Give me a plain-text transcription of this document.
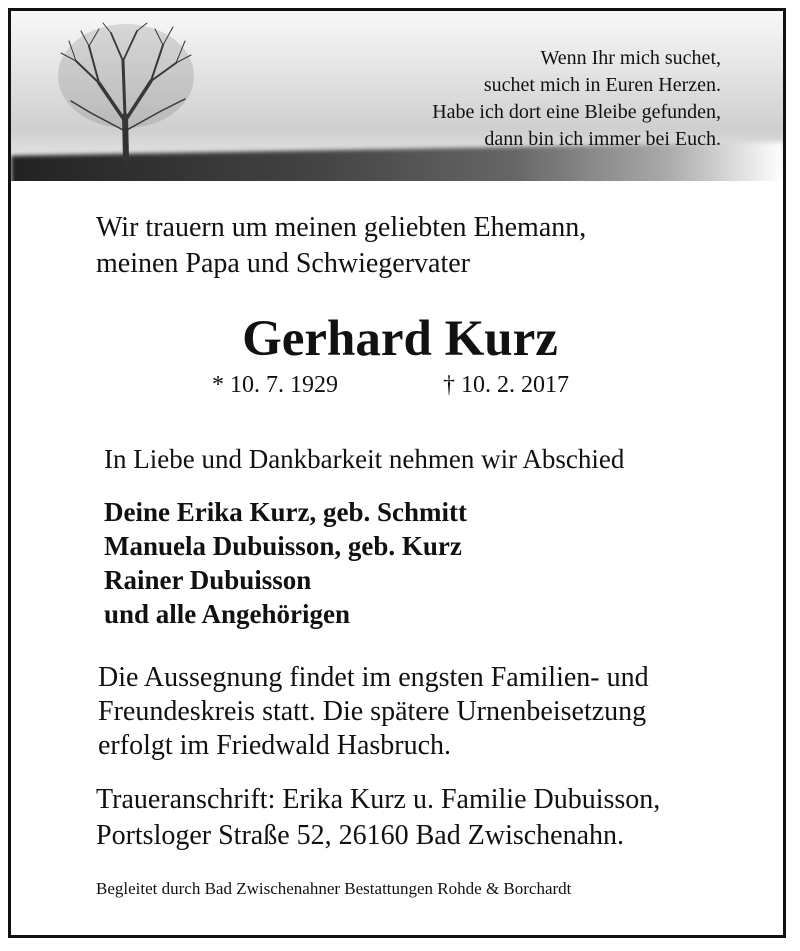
Wenn Ihr mich suchet,
suchet mich in Euren Herzen.
Habe ich dort eine Bleibe gefunden,
dann bin ich immer bei Euch.
Wir trauern um meinen geliebten Ehemann,
meinen Papa und Schwiegervater
Gerhard Kurz
* 10. 7. 1929	† 10. 2. 2017
In Liebe und Dankbarkeit nehmen wir Abschied
Deine Erika Kurz, geb. Schmitt
Manuela Dubuisson, geb. Kurz
Rainer Dubuisson
und alle Angehörigen
Die Aussegnung findet im engsten Familien- und
Freundeskreis statt. Die spätere Urnenbeisetzung
erfolgt im Friedwald Hasbruch.
Traueranschrift: Erika Kurz u. Familie Dubuisson,
Portsloger Straße 52, 26160 Bad Zwischenahn.
Begleitet durch Bad Zwischenahner Bestattungen Rohde & Borchardt
